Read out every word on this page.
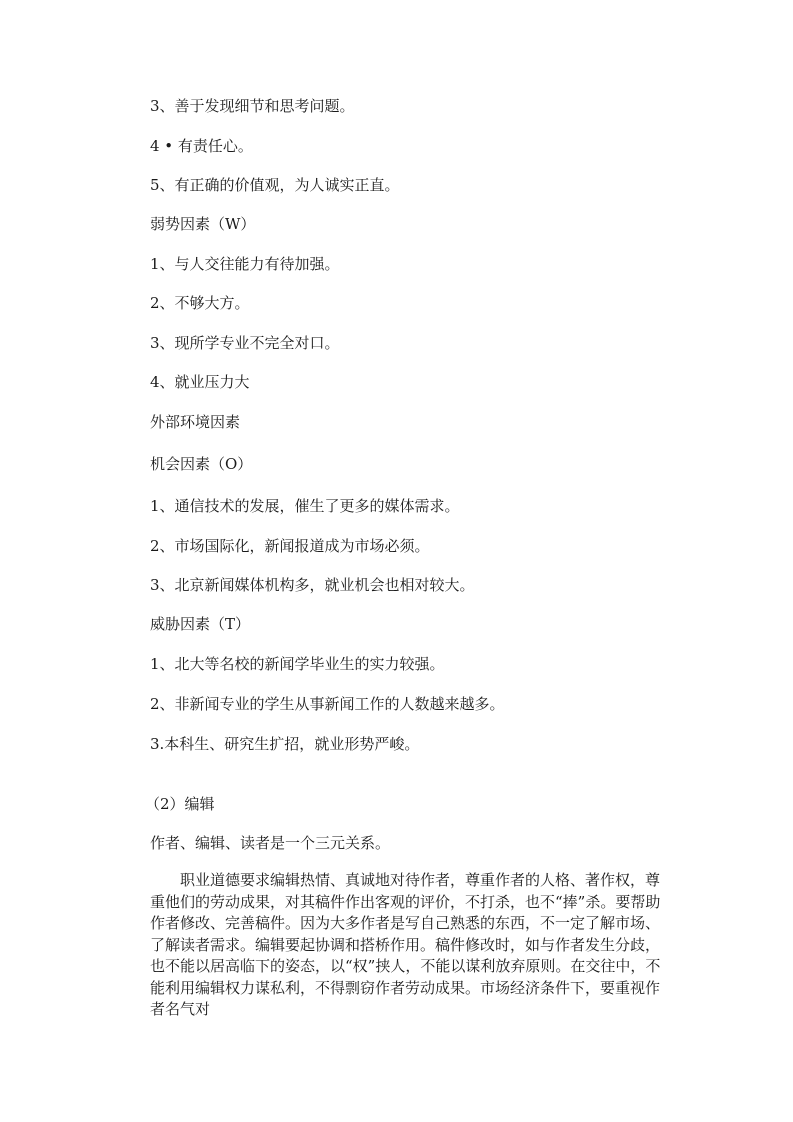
3、善于发现细节和思考问题。
4 • 有责任心。
5、有正确的价值观，为人诚实正直。
弱势因素（W）
1、与人交往能力有待加强。
2、不够大方。
3、现所学专业不完全对口。
4、就业压力大
外部环境因素
机会因素（O）
1、通信技术的发展，催生了更多的媒体需求。
2、市场国际化，新闻报道成为市场必须。
3、北京新闻媒体机构多，就业机会也相对较大。
威胁因素（T）
1、北大等名校的新闻学毕业生的实力较强。
2、非新闻专业的学生从事新闻工作的人数越来越多。
3.本科生、研究生扩招，就业形势严峻。
（2）编辑
作者、编辑、读者是一个三元关系。
职业道德要求编辑热情、真诚地对待作者，尊重作者的人格、著作权，尊重他们的劳动成果，对其稿件作出客观的评价，不打杀，也不“捧”杀。要帮助作者修改、完善稿件。因为大多作者是写自己熟悉的东西，不一定了解市场、了解读者需求。编辑要起协调和搭桥作用。稿件修改时，如与作者发生分歧，也不能以居高临下的姿态，以“权”挟人，不能以谋利放弃原则。在交往中，不能利用编辑权力谋私利，不得剽窃作者劳动成果。市场经济条件下，要重视作者名气对
